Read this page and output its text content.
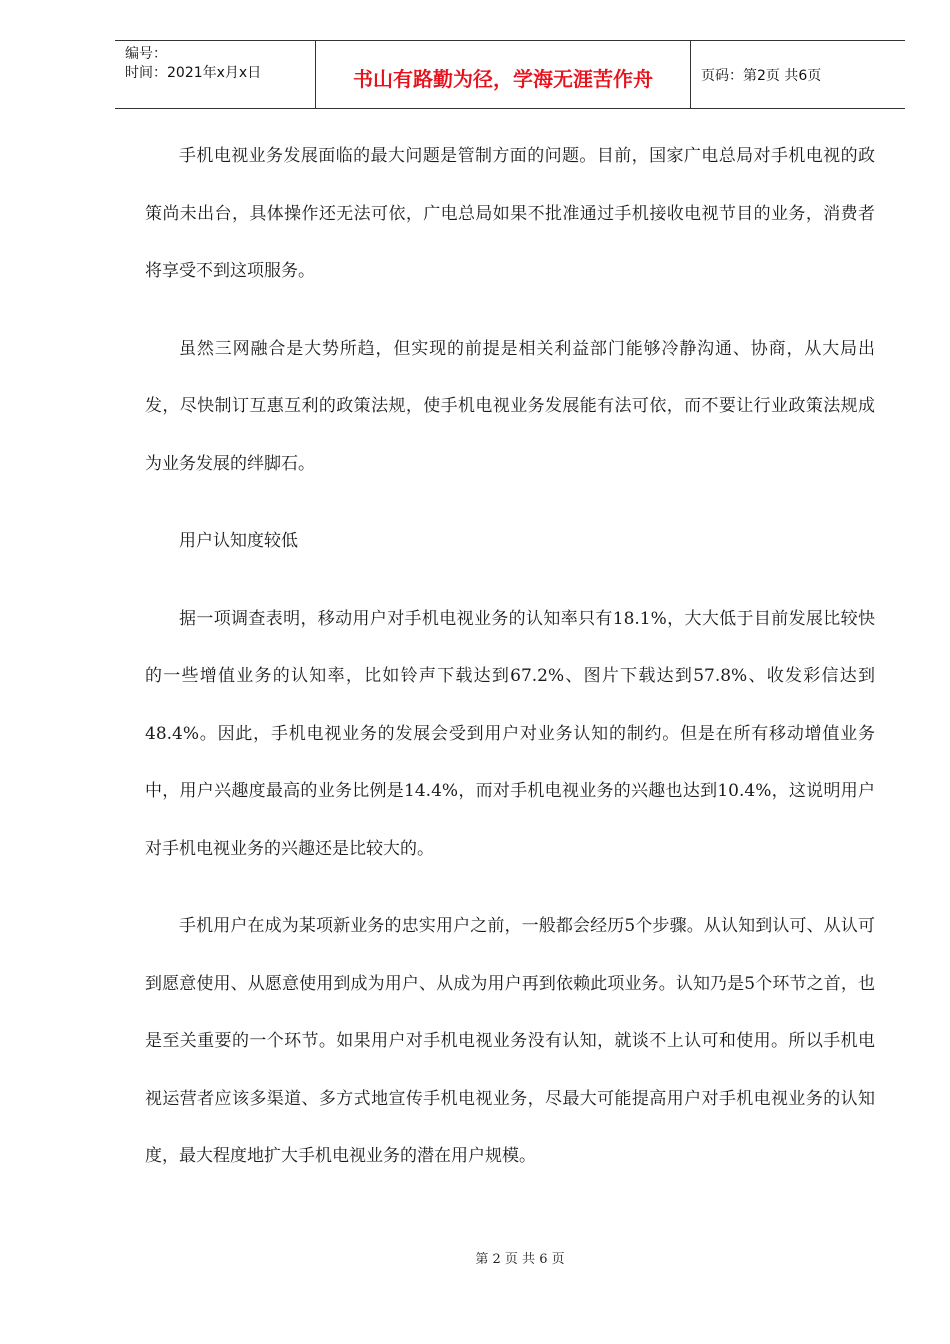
编号：
时间：2021年x月x日	书山有路勤为径，学海无涯苦作舟	页码：第2页 共6页

手机电视业务发展面临的最大问题是管制方面的问题。目前，国家广电总局对手机电视的政策尚未出台，具体操作还无法可依，广电总局如果不批准通过手机接收电视节目的业务，消费者将享受不到这项服务。

虽然三网融合是大势所趋，但实现的前提是相关利益部门能够冷静沟通、协商，从大局出发，尽快制订互惠互利的政策法规，使手机电视业务发展能有法可依，而不要让行业政策法规成为业务发展的绊脚石。

用户认知度较低

据一项调查表明，移动用户对手机电视业务的认知率只有18.1%，大大低于目前发展比较快的一些增值业务的认知率，比如铃声下载达到67.2%、图片下载达到57.8%、收发彩信达到48.4%。因此，手机电视业务的发展会受到用户对业务认知的制约。但是在所有移动增值业务中，用户兴趣度最高的业务比例是14.4%，而对手机电视业务的兴趣也达到10.4%，这说明用户对手机电视业务的兴趣还是比较大的。

手机用户在成为某项新业务的忠实用户之前，一般都会经历5个步骤。从认知到认可、从认可到愿意使用、从愿意使用到成为用户、从成为用户再到依赖此项业务。认知乃是5个环节之首，也是至关重要的一个环节。如果用户对手机电视业务没有认知，就谈不上认可和使用。所以手机电视运营者应该多渠道、多方式地宣传手机电视业务，尽最大可能提高用户对手机电视业务的认知度，最大程度地扩大手机电视业务的潜在用户规模。

第 2 页 共 6 页
